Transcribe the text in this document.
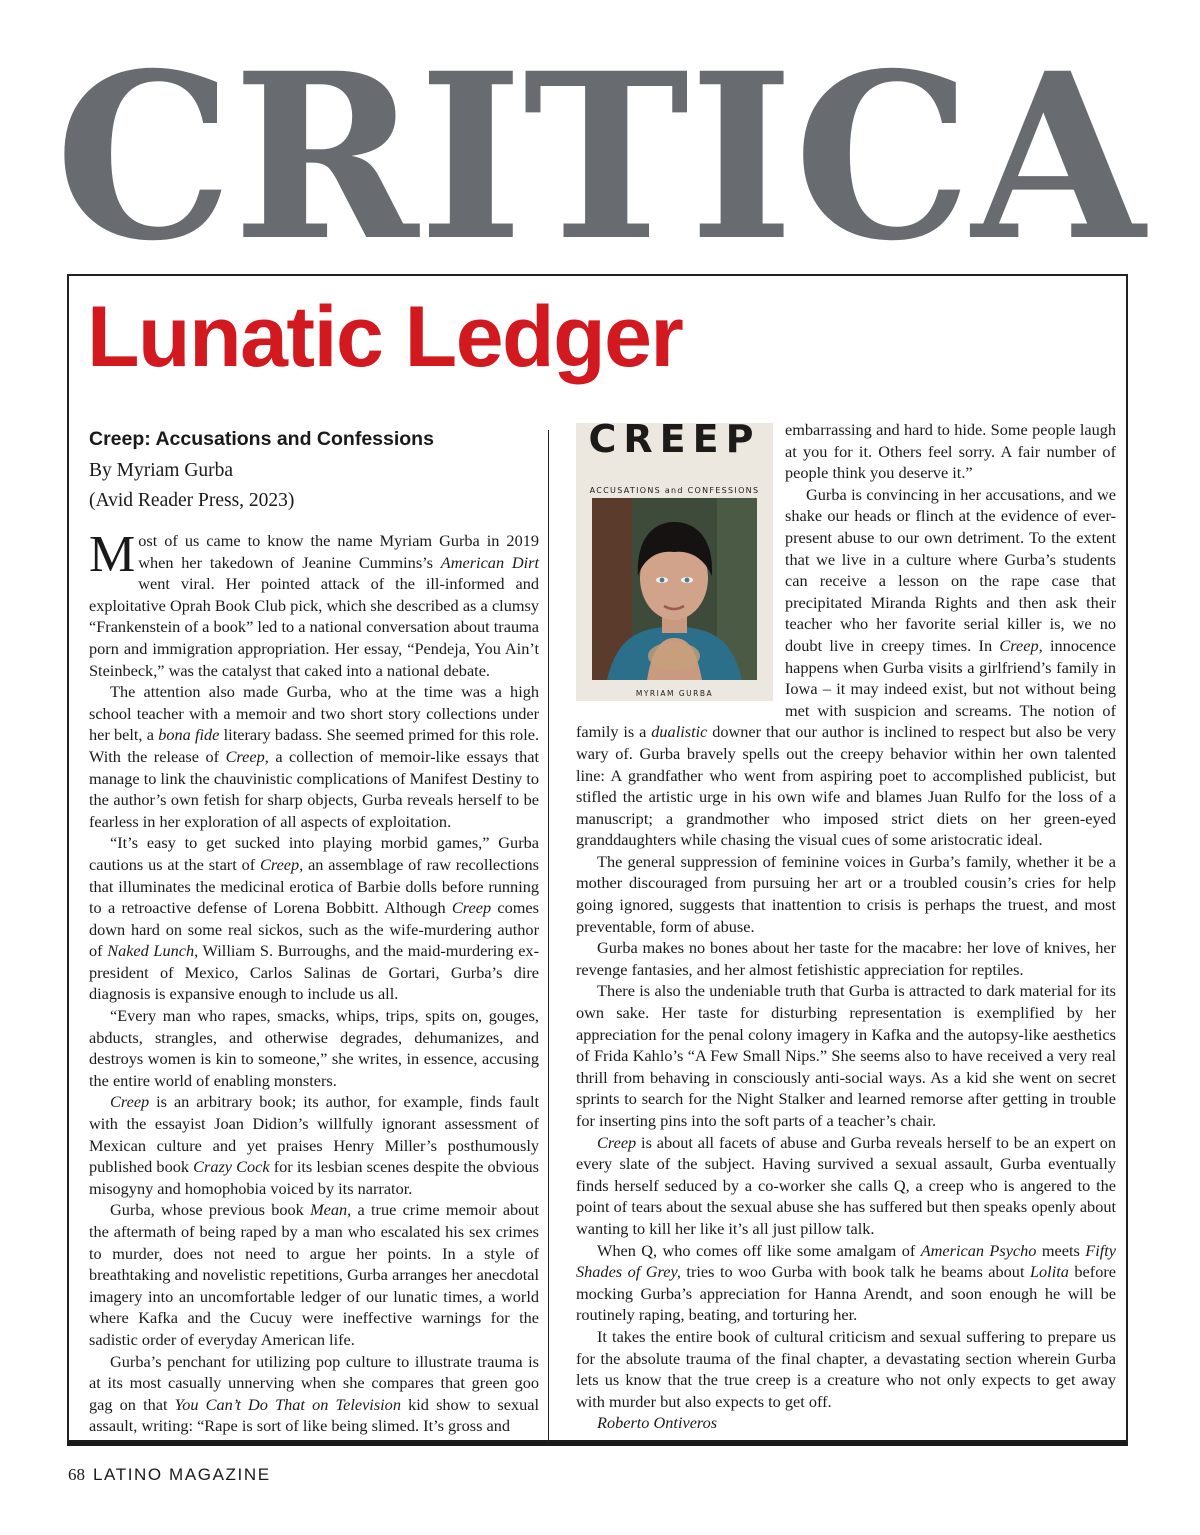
CRITICA
Lunatic Ledger
Creep: Accusations and Confessions
By Myriam Gurba
(Avid Reader Press, 2023)

Most of us came to know the name Myriam Gurba in 2019 when her takedown of Jeanine Cummins’s American Dirt went viral. Her pointed attack of the ill-informed and exploitative Oprah Book Club pick, which she described as a clumsy “Frankenstein of a book” led to a national conversation about trauma porn and immigration appropriation. Her essay, “Pendeja, You Ain’t Steinbeck,” was the catalyst that caked into a national debate.

The attention also made Gurba, who at the time was a high school teacher with a memoir and two short story collections under her belt, a bona fide literary badass. She seemed primed for this role. With the release of Creep, a collection of memoir-like essays that manage to link the chauvinistic complications of Manifest Destiny to the author’s own fetish for sharp objects, Gurba reveals herself to be fearless in her exploration of all aspects of exploitation.

“It’s easy to get sucked into playing morbid games,” Gurba cautions us at the start of Creep, an assemblage of raw recollections that illuminates the medicinal erotica of Barbie dolls before running to a retroactive defense of Lorena Bobbitt. Although Creep comes down hard on some real sickos, such as the wife-murdering author of Naked Lunch, William S. Burroughs, and the maid-murdering ex-president of Mexico, Carlos Salinas de Gortari, Gurba’s dire diagnosis is expansive enough to include us all.

“Every man who rapes, smacks, whips, trips, spits on, gouges, abducts, strangles, and otherwise degrades, dehumanizes, and destroys women is kin to someone,” she writes, in essence, accusing the entire world of enabling monsters.

Creep is an arbitrary book; its author, for example, finds fault with the essayist Joan Didion’s willfully ignorant assessment of Mexican culture and yet praises Henry Miller’s posthumously published book Crazy Cock for its lesbian scenes despite the obvious misogyny and homophobia voiced by its narrator.

Gurba, whose previous book Mean, a true crime memoir about the aftermath of being raped by a man who escalated his sex crimes to murder, does not need to argue her points. In a style of breathtaking and novelistic repetitions, Gurba arranges her anecdotal imagery into an uncomfortable ledger of our lunatic times, a world where Kafka and the Cucuy were ineffective warnings for the sadistic order of everyday American life.

Gurba’s penchant for utilizing pop culture to illustrate trauma is at its most casually unnerving when she compares that green goo gag on that You Can’t Do That on Television kid show to sexual assault, writing: “Rape is sort of like being slimed. It’s gross and

CREEP
ACCUSATIONS and CONFESSIONS
MYRIAM GURBA

embarrassing and hard to hide. Some people laugh at you for it. Others feel sorry. A fair number of people think you deserve it.”

Gurba is convincing in her accusations, and we shake our heads or flinch at the evidence of ever-present abuse to our own detriment. To the extent that we live in a culture where Gurba’s students can receive a lesson on the rape case that precipitated Miranda Rights and then ask their teacher who her favorite serial killer is, we no doubt live in creepy times. In Creep, innocence happens when Gurba visits a girlfriend’s family in Iowa – it may indeed exist, but not without being met with suspicion and screams. The notion of family is a dualistic downer that our author is inclined to respect but also be very wary of. Gurba bravely spells out the creepy behavior within her own talented line: A grandfather who went from aspiring poet to accomplished publicist, but stifled the artistic urge in his own wife and blames Juan Rulfo for the loss of a manuscript; a grandmother who imposed strict diets on her green-eyed granddaughters while chasing the visual cues of some aristocratic ideal.

The general suppression of feminine voices in Gurba’s family, whether it be a mother discouraged from pursuing her art or a troubled cousin’s cries for help going ignored, suggests that inattention to crisis is perhaps the truest, and most preventable, form of abuse.

Gurba makes no bones about her taste for the macabre: her love of knives, her revenge fantasies, and her almost fetishistic appreciation for reptiles.

There is also the undeniable truth that Gurba is attracted to dark material for its own sake. Her taste for disturbing representation is exemplified by her appreciation for the penal colony imagery in Kafka and the autopsy-like aesthetics of Frida Kahlo’s “A Few Small Nips.” She seems also to have received a very real thrill from behaving in consciously anti-social ways. As a kid she went on secret sprints to search for the Night Stalker and learned remorse after getting in trouble for inserting pins into the soft parts of a teacher’s chair.

Creep is about all facets of abuse and Gurba reveals herself to be an expert on every slate of the subject. Having survived a sexual assault, Gurba eventually finds herself seduced by a co-worker she calls Q, a creep who is angered to the point of tears about the sexual abuse she has suffered but then speaks openly about wanting to kill her like it’s all just pillow talk.

When Q, who comes off like some amalgam of American Psycho meets Fifty Shades of Grey, tries to woo Gurba with book talk he beams about Lolita before mocking Gurba’s appreciation for Hanna Arendt, and soon enough he will be routinely raping, beating, and torturing her.

It takes the entire book of cultural criticism and sexual suffering to prepare us for the absolute trauma of the final chapter, a devastating section wherein Gurba lets us know that the true creep is a creature who not only expects to get away with murder but also expects to get off.

Roberto Ontiveros

68 LATINO MAGAZINE
